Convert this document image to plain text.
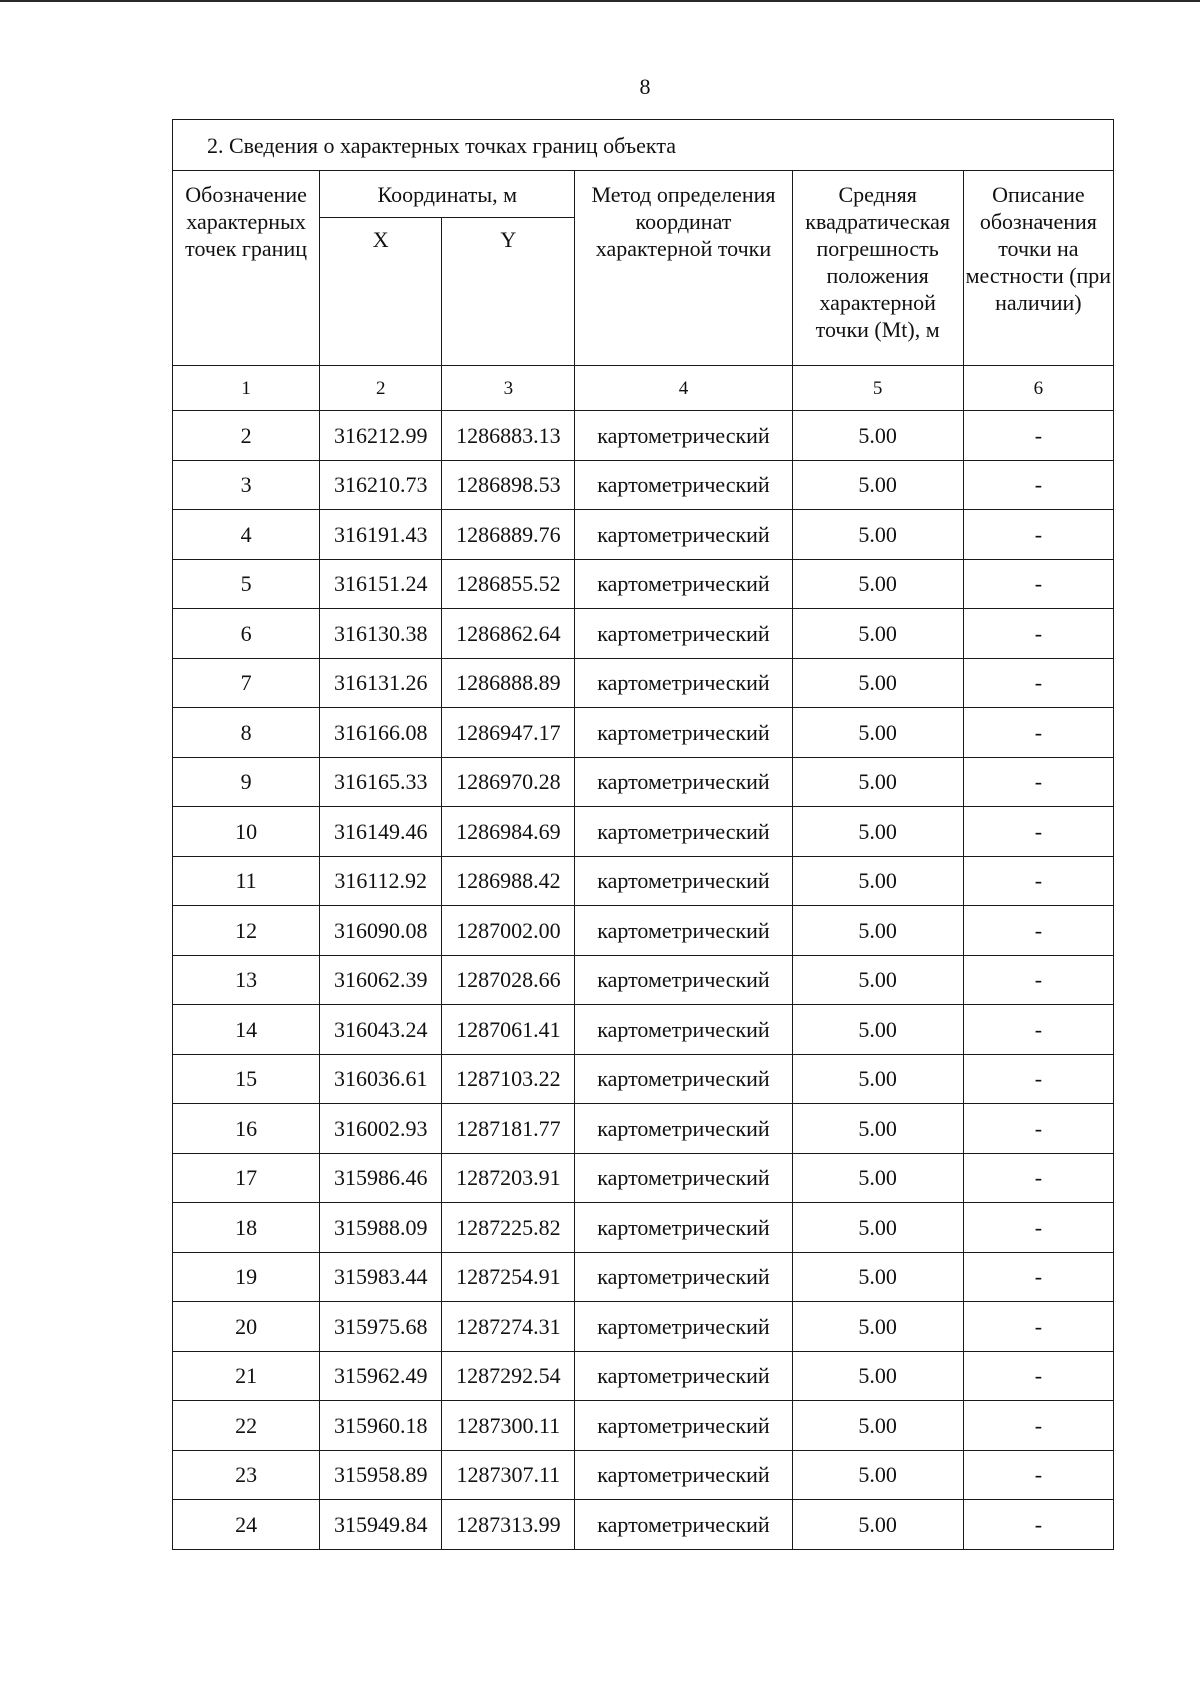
8
2. Сведения о характерных точках границ объекта					
Обозначение характерных точек границ	Координаты, м		Метод определения координат характерной точки	Средняя квадратическая погрешность положения характерной точки (Mt), м	Описание обозначения точки на местности (при наличии)
	X	Y			
1	2	3	4	5	6
2	316212.99	1286883.13	картометрический	5.00	-
3	316210.73	1286898.53	картометрический	5.00	-
4	316191.43	1286889.76	картометрический	5.00	-
5	316151.24	1286855.52	картометрический	5.00	-
6	316130.38	1286862.64	картометрический	5.00	-
7	316131.26	1286888.89	картометрический	5.00	-
8	316166.08	1286947.17	картометрический	5.00	-
9	316165.33	1286970.28	картометрический	5.00	-
10	316149.46	1286984.69	картометрический	5.00	-
11	316112.92	1286988.42	картометрический	5.00	-
12	316090.08	1287002.00	картометрический	5.00	-
13	316062.39	1287028.66	картометрический	5.00	-
14	316043.24	1287061.41	картометрический	5.00	-
15	316036.61	1287103.22	картометрический	5.00	-
16	316002.93	1287181.77	картометрический	5.00	-
17	315986.46	1287203.91	картометрический	5.00	-
18	315988.09	1287225.82	картометрический	5.00	-
19	315983.44	1287254.91	картометрический	5.00	-
20	315975.68	1287274.31	картометрический	5.00	-
21	315962.49	1287292.54	картометрический	5.00	-
22	315960.18	1287300.11	картометрический	5.00	-
23	315958.89	1287307.11	картометрический	5.00	-
24	315949.84	1287313.99	картометрический	5.00	-
